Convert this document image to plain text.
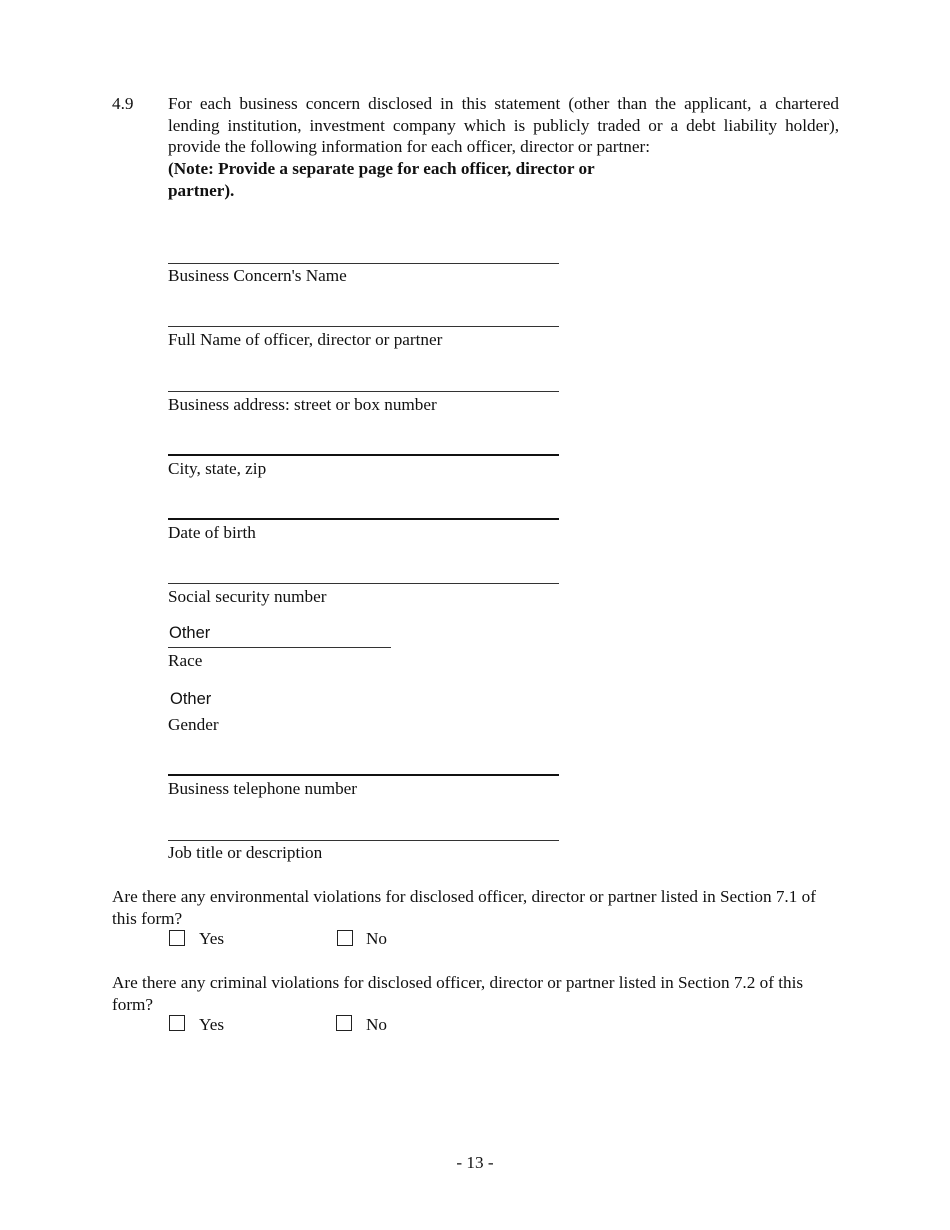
4.9 For each business concern disclosed in this statement (other than the applicant, a chartered lending institution, investment company which is publicly traded or a debt liability holder), provide the following information for each officer, director or partner:
(Note: Provide a separate page for each officer, director or partner).
Business Concern's Name
Full Name of officer, director or partner
Business address: street or box number
City, state, zip
Date of birth
Social security number
Other
Race
Other
Gender
Business telephone number
Job title or description
Are there any environmental violations for disclosed officer, director or partner listed in Section 7.1 of this form?
Yes	No
Are there any criminal violations for disclosed officer, director or partner listed in Section 7.2 of this form?
Yes	No
- 13 -
